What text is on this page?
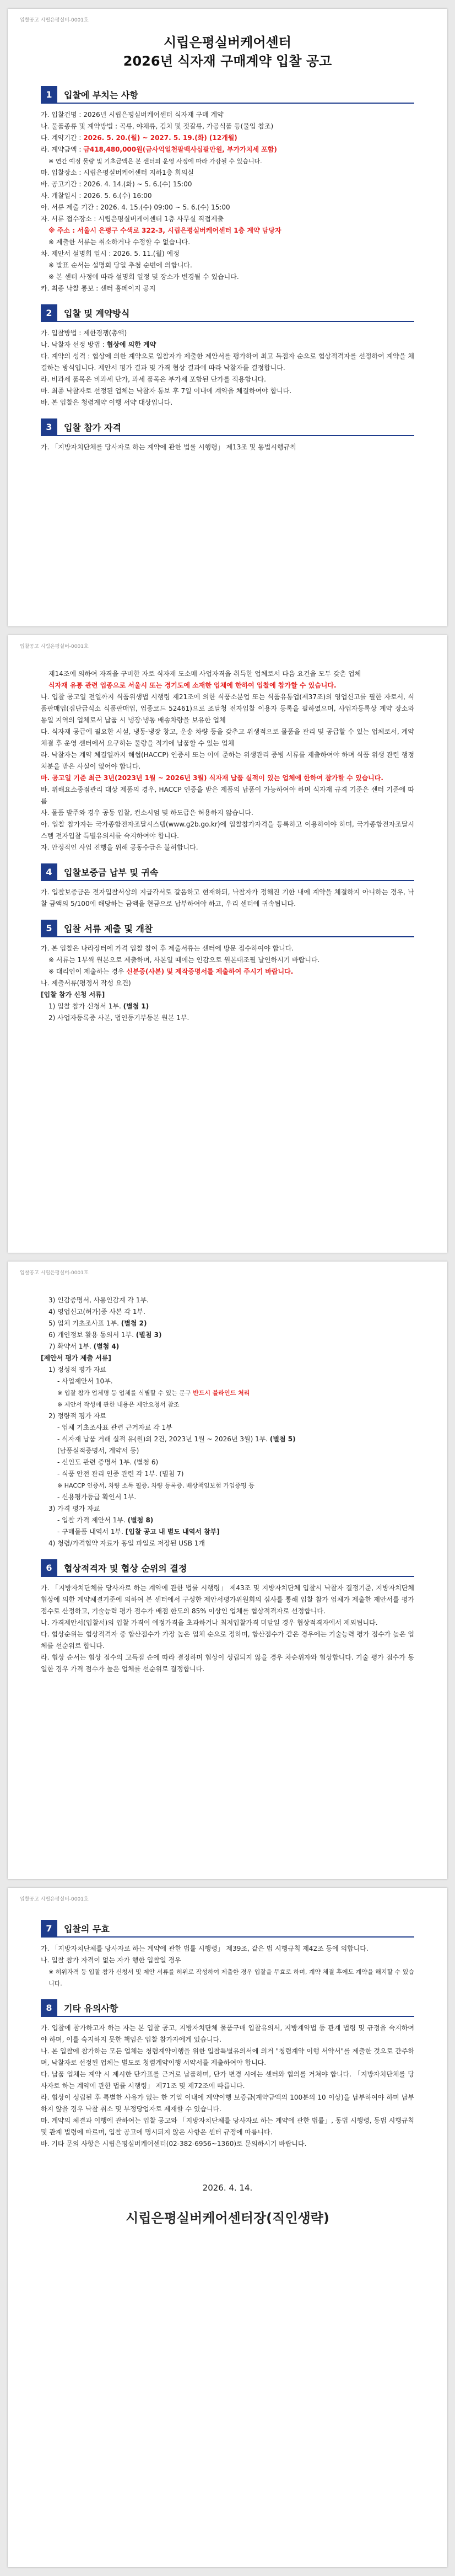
입찰공고 시립은평실버-0001호
시립은평실버케어센터
2026년 식자재 구매계약 입찰 공고
1	입찰에 부치는 사항
가. 입찰건명 : 2026년 시립은평실버케어센터 식자재 구매 계약
나. 물품종류 및 계약방법 : 곡류, 야채류, 김치 및 젓갈류, 가공식품 등(물입 참조)
다. 계약기간 : 2026. 5. 20.(월) ~ 2027. 5. 19.(화) (12개월)
라. 계약금액 : 금418,480,000원(금사억일천팔백사십팔만원, 부가가치세 포함)
※ 연간 예정 물량 및 기초금액은 본 센터의 운영 사정에 따라 가감될 수 있습니다.
마. 입찰장소 : 시립은평실버케어센터 지하1층 회의실
바. 공고기간 : 2026. 4. 14.(화) ~ 5. 6.(수) 15:00
사. 개찰일시 : 2026. 5. 6.(수) 16:00
아. 서류 제출 기간 : 2026. 4. 15.(수) 09:00 ~ 5. 6.(수) 15:00
자. 서류 접수장소 : 시립은평실버케어센터 1층 사무실 직접제출
※ 주소 : 서울시 은평구 수색로 322-3, 시립은평실버케어센터 1층 계약 담당자
※ 제출한 서류는 취소하거나 수정할 수 없습니다.
차. 제안서 설명회 일시 : 2026. 5. 11.(월) 예정
※ 발표 순서는 설명회 당일 추첨 순번에 의합니다.
※ 본 센터 사정에 따라 설명회 일정 및 장소가 변경될 수 있습니다.
카. 최종 낙찰 통보 : 센터 홈페이지 공지
2	입찰 및 계약방식
가. 입찰방법 : 제한경쟁(총액)
나. 낙찰자 선정 방법 : 협상에 의한 계약
다. 계약의 성격 : 협상에 의한 계약으로 입찰자가 제출한 제안서를 평가하여 최고 득점자 순으로 협상적격자를 선정하여 계약을 체결하는 방식입니다. 제안서 평가 결과 및 가격 협상 결과에 따라 낙찰자를 결정합니다.
라. 비과세 품목은 비과세 단가, 과세 품목은 부가세 포함된 단가를 적용합니다.
마. 최종 낙찰자로 선정된 업체는 낙찰자 통보 후 7일 이내에 계약을 체결하여야 합니다.
바. 본 입찰은 청렴계약 이행 서약 대상입니다.
3	입찰 참가 자격
가. 「지방자치단체를 당사자로 하는 계약에 관한 법률 시행령」 제13조 및 동법시행규칙
입찰공고 시립은평실버-0001호
제14조에 의하여 자격을 구비한 자로 식자재 도소매 사업자격을 취득한 업체로서 다음 요건을 모두 갖춘 업체
식자재 유통 관련 업종으로 서울시 또는 경기도에 소재한 업체에 한하여 입찰에 참가할 수 있습니다.
나. 입찰 공고일 전일까지 식품위생법 시행령 제21조에 의한 식품소분업 또는 식품유통업(제37조)의 영업신고를 필한 자로서, 식품판매업(집단급식소 식품판매업, 업종코드 52461)으로 조달청 전자입찰 이용자 등록을 필하였으며, 사업자등록상 계약 장소와 동일 지역의 업체로서 납품 시 냉장·냉동 배송차량을 보유한 업체
다. 식자재 공급에 필요한 시설, 냉동·냉장 창고, 운송 차량 등을 갖추고 위생적으로 물품을 관리 및 공급할 수 있는 업체로서, 계약 체결 후 운영 센터에서 요구하는 물량을 적기에 납품할 수 있는 업체
라. 낙찰자는 계약 체결일까지 해썹(HACCP) 인증서 또는 이에 준하는 위생관리 증빙 서류를 제출하여야 하며 식품 위생 관련 행정처분을 받은 사실이 없어야 합니다.
마. 공고일 기준 최근 3년(2023년 1월 ~ 2026년 3월) 식자재 납품 실적이 있는 업체에 한하여 참가할 수 있습니다.
바. 위해요소중점관리 대상 제품의 경우, HACCP 인증을 받은 제품의 납품이 가능하여야 하며 식자재 규격 기준은 센터 기준에 따름
사. 물품 발주와 경우 공동 입찰, 컨소시엄 및 하도급은 허용하지 않습니다.
아. 입찰 참가자는 국가종합전자조달시스템(www.g2b.go.kr)에 입찰참가자격을 등록하고 이용하여야 하며, 국가종합전자조달시스템 전자입찰 특별유의서를 숙지하여야 합니다.
자. 안정적인 사업 진행을 위해 공동수급은 불허합니다.
4	입찰보증금 납부 및 귀속
가. 입찰보증금은 전자입찰서상의 지급각서로 갈음하고 현재하되, 낙찰자가 정해진 기한 내에 계약을 체결하지 아니하는 경우, 낙찰 금액의 5/100에 해당하는 금액을 현금으로 납부하여야 하고, 우리 센터에 귀속됩니다.
5	입찰 서류 제출 및 개찰
가. 본 입찰은 나라장터에 가격 입찰 참여 후 제출서류는 센터에 방문 접수하여야 합니다.
※ 서류는 1부씩 원본으로 제출하며, 사본일 때에는 인감으로 원본대조필 날인하시기 바랍니다.
※ 대리인이 제출하는 경우 신분증(사본) 및 제작증명서를 제출하여 주시기 바랍니다.
나. 제출서류(평정서 작성 요건)
[입찰 참가 신청 서류]
1) 입찰 참가 신청서 1부. (별첨 1)
2) 사업자등록증 사본, 법인등기부등본 원본 1부.
입찰공고 시립은평실버-0001호
3) 인감증명서, 사용인감계 각 1부.
4) 영업신고(허가)증 사본 각 1부.
5) 업체 기초조사표 1부. (별첨 2)
6) 개인정보 활용 동의서 1부. (별첨 3)
7) 확약서 1부. (별첨 4)
[제안서 평가 제출 서류]
1) 정성적 평가 자료
- 사업제안서 10부.
※ 입찰 참가 업체명 등 업체를 식별할 수 있는 문구 반드시 블라인드 처리
※ 제안서 작성에 관한 내용은 제안요청서 참조
2) 정량적 평가 자료
- 업체 기초조사표 관련 근거자료 각 1부
- 식자재 납품 거래 실적 유(원)외 2건, 2023년 1월 ~ 2026년 3월) 1부. (별첨 5)
(납품실적증명서, 계약서 등)
- 신인도 관련 증명서 1부. (별첨 6)
- 식품 안전 관리 인증 관련 각 1부. (별첨 7)
※ HACCP 인증서, 차량 소독 필증, 차량 등록증, 배상책임보험 가입증명 등
- 신용평가등급 확인서 1부.
3) 가격 평가 자료
- 입찰 가격 제안서 1부. (별첨 8)
- 구매물품 내역서 1부. [입찰 공고 내 별도 내역서 참부]
4) 청렴/가격협약 자료가 동일 파일로 저장된 USB 1개
6	협상적격자 및 협상 순위의 결정
가. 「지방자치단체를 당사자로 하는 계약에 관한 법률 시행령」 제43조 및 지방자치단체 입찰시 낙찰자 결정기준, 지방자치단체 협상에 의한 계약체결기준에 의하여 본 센터에서 구성한 제안서평가위원회의 심사를 통해 입찰 참가 업체가 제출한 제안서를 평가 점수로 산정하고, 기술능력 평가 점수가 배점 한도의 85% 이상인 업체를 협상적격자로 선정합니다.
나. 가격제안서(입찰서)의 입찰 가격이 예정가격을 초과하거나 최저입찰가격 미달일 경우 협상적격자에서 제외됩니다.
다. 협상순위는 협상적격자 중 합산점수가 가장 높은 업체 순으로 정하며, 합산점수가 같은 경우에는 기술능력 평가 점수가 높은 업체를 선순위로 합니다.
라. 협상 순서는 협상 점수의 고득점 순에 따라 결정하며 협상이 성립되지 않을 경우 차순위자와 협상합니다. 기술 평가 점수가 동일한 경우 가격 점수가 높은 업체를 선순위로 결정합니다.
입찰공고 시립은평실버-0001호
7	입찰의 무효
가. 「지방자치단체를 당사자로 하는 계약에 관한 법률 시행령」 제39조, 같은 법 시행규칙 제42조 등에 의합니다.
나. 입찰 참가 자격이 없는 자가 행한 입찰일 경우
※ 허위자격 등 입찰 참가 신청서 및 제안 서류를 허위로 작성하여 제출한 경우 입찰을 무효로 하며, 계약 체결 후에도 계약을 해지할 수 있습니다.
8	기타 유의사항
가. 입찰에 참가하고자 하는 자는 본 입찰 공고, 지방자치단체 물품구매 입찰유의서, 지방계약법 등 관계 법령 및 규정을 숙지하여야 하며, 이를 숙지하지 못한 책임은 입찰 참가자에게 있습니다.
나. 본 입찰에 참가하는 모든 업체는 청렴계약이행을 위한 입찰특별유의서에 의거 "청렴계약 이행 서약서"를 제출한 것으로 간주하며, 낙찰자로 선정된 업체는 별도로 청렴계약이행 서약서를 제출하여야 합니다.
다. 납품 업체는 계약 시 제시한 단가표를 근거로 납품하며, 단가 변경 시에는 센터와 협의를 거쳐야 합니다. 「지방자치단체를 당사자로 하는 계약에 관한 법률 시행령」 제71조 및 제72조에 따릅니다.
라. 협상이 성립된 후 특별한 사유가 없는 한 기일 이내에 계약이행 보증금(계약금액의 100분의 10 이상)을 납부하여야 하며 납부하지 않을 경우 낙찰 취소 및 부정당업자로 제재할 수 있습니다.
마. 계약의 체결과 이행에 관하여는 입찰 공고와 「지방자치단체를 당사자로 하는 계약에 관한 법률」, 동법 시행령, 동법 시행규칙 및 관계 법령에 따르며, 입찰 공고에 명시되지 않은 사항은 센터 규정에 따릅니다.
바. 기타 문의 사항은 시립은평실버케어센터(02-382-6956~1360)로 문의하시기 바랍니다.
2026. 4. 14.
시립은평실버케어센터장(직인생략)
